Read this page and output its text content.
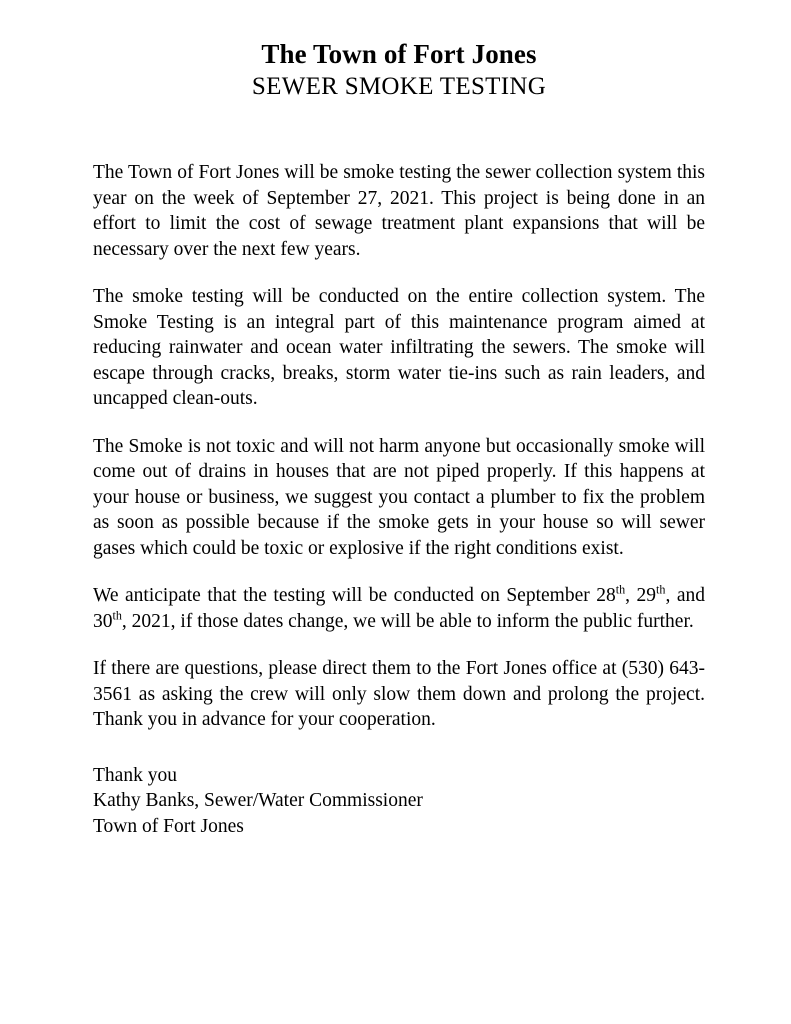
The Town of Fort Jones
SEWER SMOKE TESTING

The Town of Fort Jones will be smoke testing the sewer collection system this year on the week of September 27, 2021. This project is being done in an effort to limit the cost of sewage treatment plant expansions that will be necessary over the next few years.

The smoke testing will be conducted on the entire collection system. The Smoke Testing is an integral part of this maintenance program aimed at reducing rainwater and ocean water infiltrating the sewers. The smoke will escape through cracks, breaks, storm water tie-ins such as rain leaders, and uncapped clean-outs.

The Smoke is not toxic and will not harm anyone but occasionally smoke will come out of drains in houses that are not piped properly. If this happens at your house or business, we suggest you contact a plumber to fix the problem as soon as possible because if the smoke gets in your house so will sewer gases which could be toxic or explosive if the right conditions exist.

We anticipate that the testing will be conducted on September 28th, 29th, and 30th, 2021, if those dates change, we will be able to inform the public further.

If there are questions, please direct them to the Fort Jones office at (530) 643-3561 as asking the crew will only slow them down and prolong the project. Thank you in advance for your cooperation.

Thank you
Kathy Banks, Sewer/Water Commissioner
Town of Fort Jones
